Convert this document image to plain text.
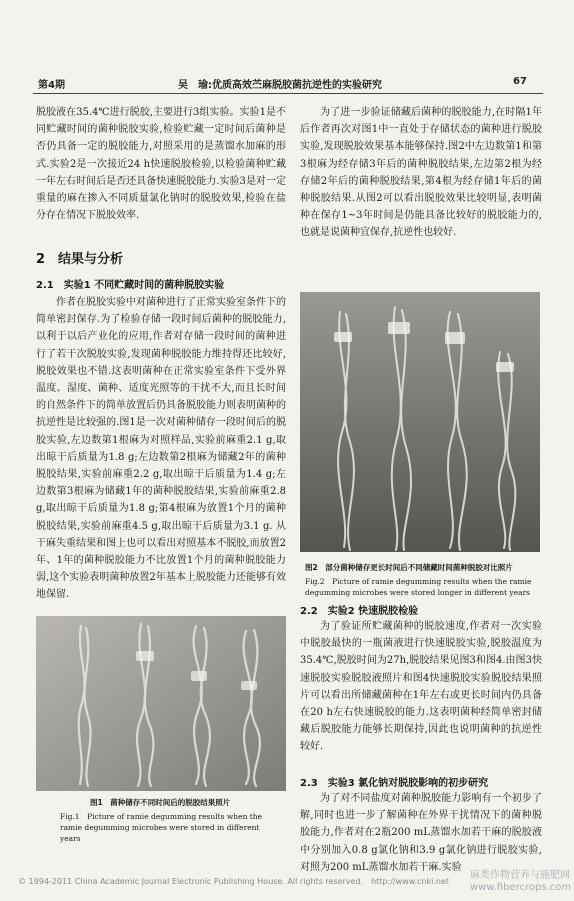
第4期	吴　瑜:优质高效苎麻脱胶菌抗逆性的实验研究	67

脱胶液在35.4℃进行脱胶,主要进行3组实验。实验1是不同贮藏时间的菌种脱胶实验,检验贮藏一定时间后菌种是否仍具备一定的脱胶能力,对照采用的是蒸馏水加麻的形式.实验2是一次接近24 h快速脱胶检验,以检验菌种贮藏一年左右时间后是否还具备快速脱胶能力.实验3是对一定重量的麻在掺入不同质量氯化钠时的脱胶效果,检验在盐分存在情况下脱胶效率.

2　结果与分析
2.1　实验1 不同贮藏时间的菌种脱胶实验

作者在脱胶实验中对菌种进行了正常实验室条件下的简单密封保存.为了检验存储一段时间后菌种的脱胶能力,以利于以后产业化的应用,作者对存储一段时间的菌种进行了若干次脱胶实验,发现菌种脱胶能力维持得还比较好,脱胶效果也不错.这表明菌种在正常实验室条件下受外界温度、湿度、菌种、适度光照等的干扰不大,而且长时间的自然条件下的简单放置后仍具备脱胶能力则表明菌种的抗逆性是比较强的.图1是一次对菌种储存一段时间后的脱胶实验,左边数第1根麻为对照样品,实验前麻重2.1 g,取出晾干后质量为1.8 g;左边数第2根麻为储藏2年的菌种脱胶结果,实验前麻重2.2 g,取出晾干后质量为1.4 g;左边数第3根麻为储藏1年的菌种脱胶结果,实验前麻重2.8 g,取出晾干后质量为1.8 g;第4根麻为放置1个月的菌种脱胶结果,实验前麻重4.5 g,取出晾干后质量为3.1 g. 从干麻失重结果和图上也可以看出对照基本不脱胶,而放置2年、1年的菌种脱胶能力不比放置1个月的菌种脱胶能力弱,这个实验表明菌种放置2年基本上脱胶能力还能够有效地保留.

图1　菌种储存不同时间后的脱胶结果照片
Fig.1　Picture of ramie degumming results when the ramie degumming microbes were stored in different years

为了进一步验证储藏后菌种的脱胶能力,在时隔1年后作者再次对图1中一直处于存储状态的菌种进行脱胶实验,发现脱胶效果基本能够保持.图2中左边数第1和第3根麻为经存储3年后的菌种脱胶结果,左边第2根为经存储2年后的菌种脱胶结果,第4根为经存储1年后的菌种脱胶结果.从图2可以看出脱胶效果比较明显,表明菌种在保存1~3年时间是仍能具备比较好的脱胶能力的,也就是说菌种宜保存,抗逆性也较好.

图2　部分菌种储存更长时间后不同储藏时间菌种脱胶对比照片
Fig.2　Picture of ramie degumming results when the ramie degumming microbes were stored longer in different years
2.2　实验2 快速脱胶检验

为了验证所贮藏菌种的脱胶速度,作者对一次实验中脱胶最快的一瓶菌液进行快速脱胶实验,脱胶温度为35.4℃,脱胶时间为27h,脱胶结果见图3和图4.由图3快速脱胶实验脱胶液照片和图4快速脱胶实验脱胶结果照片可以看出所储藏菌种在1年左右或更长时间内仍具备在20 h左右快速脱胶的能力.这表明菌种经简单密封储藏后脱胶能力能够长期保持,因此也说明菌种的抗逆性较好.

2.3　实验3 氯化钠对脱胶影响的初步研究

为了对不同盐度对菌种脱胶能力影响有一个初步了解,同时也进一步了解菌种在外界干扰情况下的菌种脱胶能力,作者对在2瓶200 mL蒸馏水加若干麻的脱胶液中分别加入0.8 g氯化钠和3.9 g氯化钠进行脱胶实验,对照为200 mL蒸馏水加若干麻.实验

© 1994-2011 China Academic Journal Electronic Publishing House. All rights reserved.　http://www.cnki.net
麻类作物营养与施肥网
www.fibercrops.com
